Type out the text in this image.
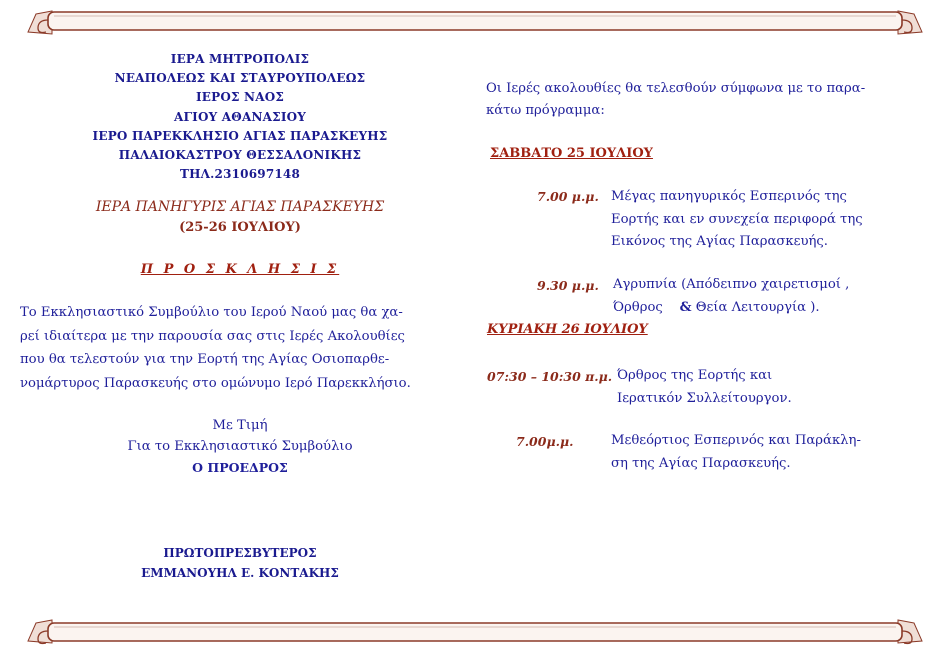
ΙΕΡΑ ΜΗΤΡΟΠΟΛΙΣ
ΝΕΑΠΟΛΕΩΣ ΚΑΙ ΣΤΑΥΡΟΥΠΟΛΕΩΣ
ΙΕΡΟΣ ΝΑΟΣ
ΑΓΙΟΥ ΑΘΑΝΑΣΙΟΥ
ΙΕΡΟ ΠΑΡΕΚΚΛΗΣΙΟ ΑΓΙΑΣ ΠΑΡΑΣΚΕΥΗΣ
ΠΑΛΑΙΟΚΑΣΤΡΟΥ ΘΕΣΣΑΛΟΝΙΚΗΣ
ΤΗΛ.2310697148
ΙΕΡΑ ΠΑΝΗΓΥΡΙΣ ΑΓΙΑΣ ΠΑΡΑΣΚΕΥΗΣ
(25-26 ΙΟΥΛΙΟΥ)
Π Ρ Ο Σ Κ Λ Η Σ Ι Σ
Το Εκκλησιαστικό Συμβούλιο του Ιερού Ναού μας θα χα-
ρεί ιδιαίτερα με την παρουσία σας στις Ιερές Ακολουθίες
που θα τελεστούν για την Εορτή της Αγίας Οσιοπαρθε-
νομάρτυρος Παρασκευής στο ομώνυμο Ιερό Παρεκκλήσιο.
Με Τιμή
Για το Εκκλησιαστικό Συμβούλιο
Ο ΠΡΟΕΔΡΟΣ
ΠΡΩΤΟΠΡΕΣΒΥΤΕΡΟΣ
ΕΜΜΑΝΟΥΗΛ Ε. ΚΟΝΤΑΚΗΣ
Οι Ιερές ακολουθίες θα τελεσθούν σύμφωνα με το παρα-
κάτω πρόγραμμα:
ΣΑΒΒΑΤΟ 25 ΙΟΥΛΙΟΥ
7.00 μ.μ. Μέγας πανηγυρικός Εσπερινός της
Εορτής και εν συνεχεία περιφορά της
Εικόνος της Αγίας Παρασκευής.
9.30 μ.μ. Αγρυπνία (Απόδειπνο χαιρετισμοί ,
Όρθρος & Θεία Λειτουργία ).
ΚΥΡΙΑΚΗ 26 ΙΟΥΛΙΟΥ
07:30 – 10:30 π.μ. Όρθρος της Εορτής και
Ιερατικόν Συλλείτουργον.
7.00μ.μ.	Μεθεόρτιος Εσπερινός και Παράκλη-
ση της Αγίας Παρασκευής.
